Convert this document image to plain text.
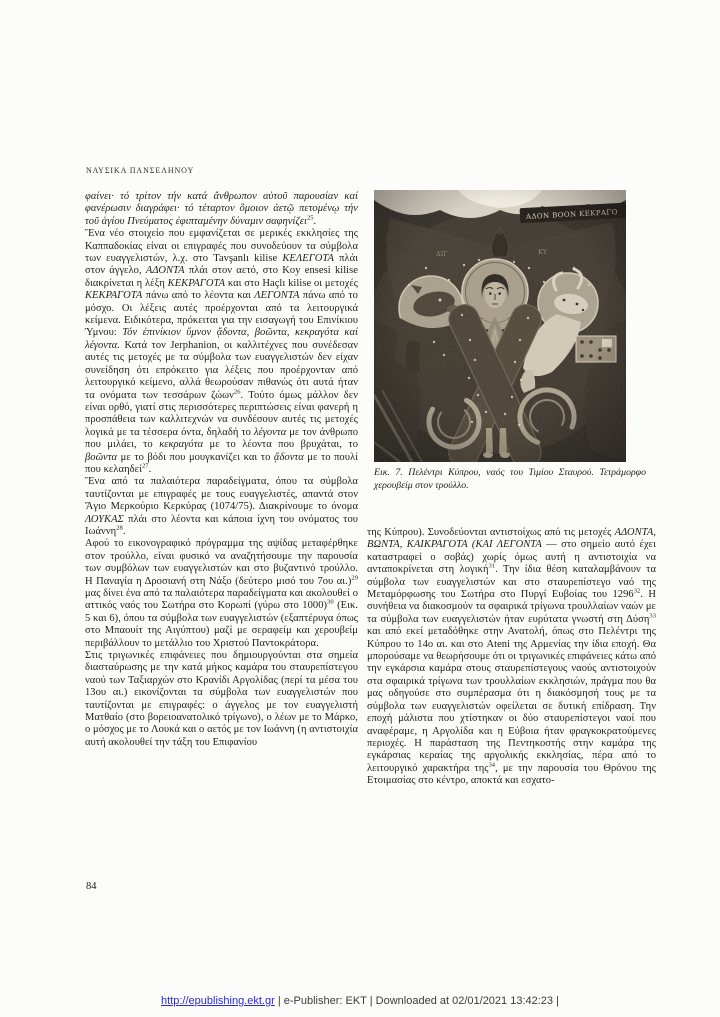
ΝΑΥΣΙΚΑ ΠΑΝΣΕΛΗΝΟΥ

φαίνει· τό τρίτον τήν κατά ἄνθρωπον αὐτοῦ παρουσίαν καί φανέρωσιν διαγράφει· τό τέταρτον ὅμοιον ἀετῷ πετομένῳ τήν τοῦ ἁγίου Πνεύματος ἐφιπταμένην δύναμιν σαφηνίζει$^{25}$.

Ἕνα νέο στοιχείο που εμφανίζεται σε μερικές εκκλησίες της Καππαδοκίας είναι οι επιγραφές που συνοδεύουν τα σύμβολα των ευαγγελιστών, λ.χ. στο Tavşanlı kilise ΚΕΛΕΓΟΤΑ πλάι στον άγγελο, ΑΔΟΝΤΑ πλάι στον αετό, στο Koy ensesi kilise διακρίνεται η λέξη ΚΕΚΡΑΓΟΤΑ και στο Haçlı kilise οι μετοχές ΚΕΚΡΑΓΟΤΑ πάνω από το λέοντα και ΛΕΓΟΝΤΑ πάνω από το μόσχο. Οι λέξεις αυτές προέρχονται από τα λειτουργικά κείμενα. Ειδικότερα, πρόκειται για την εισαγωγή του Επινίκιου Ύμνου: Τόν ἐπινίκιον ὕμνον ᾄδοντα, βοῶντα, κεκραγότα καί λέγοντα. Κατά τον Jerphanion, οι καλλιτέχνες που συνέδεσαν αυτές τις μετοχές με τα σύμβολα των ευαγγελιστών δεν είχαν συνείδηση ότι επρόκειτο για λέξεις που προέρχονταν από λειτουργικό κείμενο, αλλά θεωρούσαν πιθανώς ότι αυτά ήταν τα ονόματα των τεσσάρων ζώων$^{26}$. Τούτο όμως μάλλον δεν είναι ορθό, γιατί στις περισσότερες περιπτώσεις είναι φανερή η προσπάθεια των καλλιτεχνών να συνδέσουν αυτές τις μετοχές λογικά με τα τέσσερα όντα, δηλαδή το λέγοντα με τον άνθρωπο που μιλάει, το κεκραγότα με το λέοντα που βρυχάται, το βοῶντα με το βόδι που μουγκανίζει και το ᾄδοντα με το πουλί που κελαηδεί$^{27}$.

Ἕνα από τα παλαιότερα παραδείγματα, όπου τα σύμβολα ταυτίζονται με επιγραφές με τους ευαγγελιστές, απαντά στον Ἅγιο Μερκούριο Κερκύρας (1074/75). Διακρίνουμε το όνομα ΛΟΥΚΑΣ πλάι στο λέοντα και κάποια ίχνη του ονόματος του Ιωάννη$^{28}$.

Αφού το εικονογραφικό πρόγραμμα της αψίδας μεταφέρθηκε στον τρούλλο, είναι φυσικό να αναζητήσουμε την παρουσία των συμβόλων των ευαγγελιστών και στο βυζαντινό τρούλλο. Η Παναγία η Δροσιανή στη Νάξο (δεύτερο μισό του 7ου αι.)$^{29}$ μας δίνει ένα από τα παλαιότερα παραδείγματα και ακολουθεί ο αττικός ναός του Σωτήρα στο Κορωπί (γύρω στο 1000)$^{30}$ (Εικ. 5 και 6), όπου τα σύμβολα των ευαγγελιστών (εξαπτέρυγα όπως στο Μπαουίτ της Αιγύπτου) μαζί με σεραφείμ και χερουβείμ περιβάλλουν το μετάλλιο του Χριστού Παντοκράτορα.

Στις τριγωνικές επιφάνειες που δημιουργούνται στα σημεία διασταύρωσης με την κατά μήκος καμάρα του σταυρεπίστεγου ναού των Ταξιαρχών στο Κρανίδι Αργολίδας (περί τα μέσα του 13ου αι.) εικονίζονται τα σύμβολα των ευαγγελιστών που ταυτίζονται με επιγραφές: ο άγγελος με τον ευαγγελιστή Ματθαίο (στο βορειοανατολικό τρίγωνο), ο λέων με το Μάρκο, ο μόσχος με το Λουκά και ο αετός με τον Ιωάννη (η αντιστοιχία αυτή ακολουθεί την τάξη του Επιφανίου

Εικ. 7. Πελέντρι Κύπρου, ναός του Τιμίου Σταυρού. Τετράμορφο χερουβείμ στον τρούλλο.

της Κύπρου). Συνοδεύονται αντιστοίχως από τις μετοχές ΑΔΟΝΤΑ, ΒΩΝΤΑ, ΚΑΙΚΡΑΓΟΤΑ (ΚΑΙ ΛΕΓΟΝΤΑ — στο σημείο αυτό έχει καταστραφεί ο σοβάς) χωρίς όμως αυτή η αντιστοιχία να ανταποκρίνεται στη λογική$^{31}$. Την ίδια θέση καταλαμβάνουν τα σύμβολα των ευαγγελιστών και στο σταυρεπίστεγο ναό της Μεταμόρφωσης του Σωτήρα στο Πυργί Ευβοίας του 1296$^{32}$. Η συνήθεια να διακοσμούν τα σφαιρικά τρίγωνα τρουλλαίων ναών με τα σύμβολα των ευαγγελιστών ήταν ευρύτατα γνωστή στη Δύση$^{33}$ και από εκεί μεταδόθηκε στην Ανατολή, όπως στο Πελέντρι της Κύπρου το 14ο αι. και στο Ateni της Αρμενίας την ίδια εποχή. Θα μπορούσαμε να θεωρήσουμε ότι οι τριγωνικές επιφάνειες κάτω από την εγκάρσια καμάρα στους σταυρεπίστεγους ναούς αντιστοιχούν στα σφαιρικά τρίγωνα των τρουλλαίων εκκλησιών, πράγμα που θα μας οδηγούσε στο συμπέρασμα ότι η διακόσμησή τους με τα σύμβολα των ευαγγελιστών οφείλεται σε δυτική επίδραση. Την εποχή μάλιστα που χτίστηκαν οι δύο σταυρεπίστεγοι ναοί που αναφέραμε, η Αργολίδα και η Εύβοια ήταν φραγκοκρατούμενες περιοχές. Η παράσταση της Πεντηκοστής στην καμάρα της εγκάρσιας κεραίας της αργολικής εκκλησίας, πέρα από το λειτουργικό χαρακτήρα της$^{34}$, με την παρουσία του Θρόνου της Ετοιμασίας στο κέντρο, αποκτά και εσχατο-

84
http://epublishing.ekt.gr | e-Publisher: EKT | Downloaded at 02/01/2021 13:42:23 |
